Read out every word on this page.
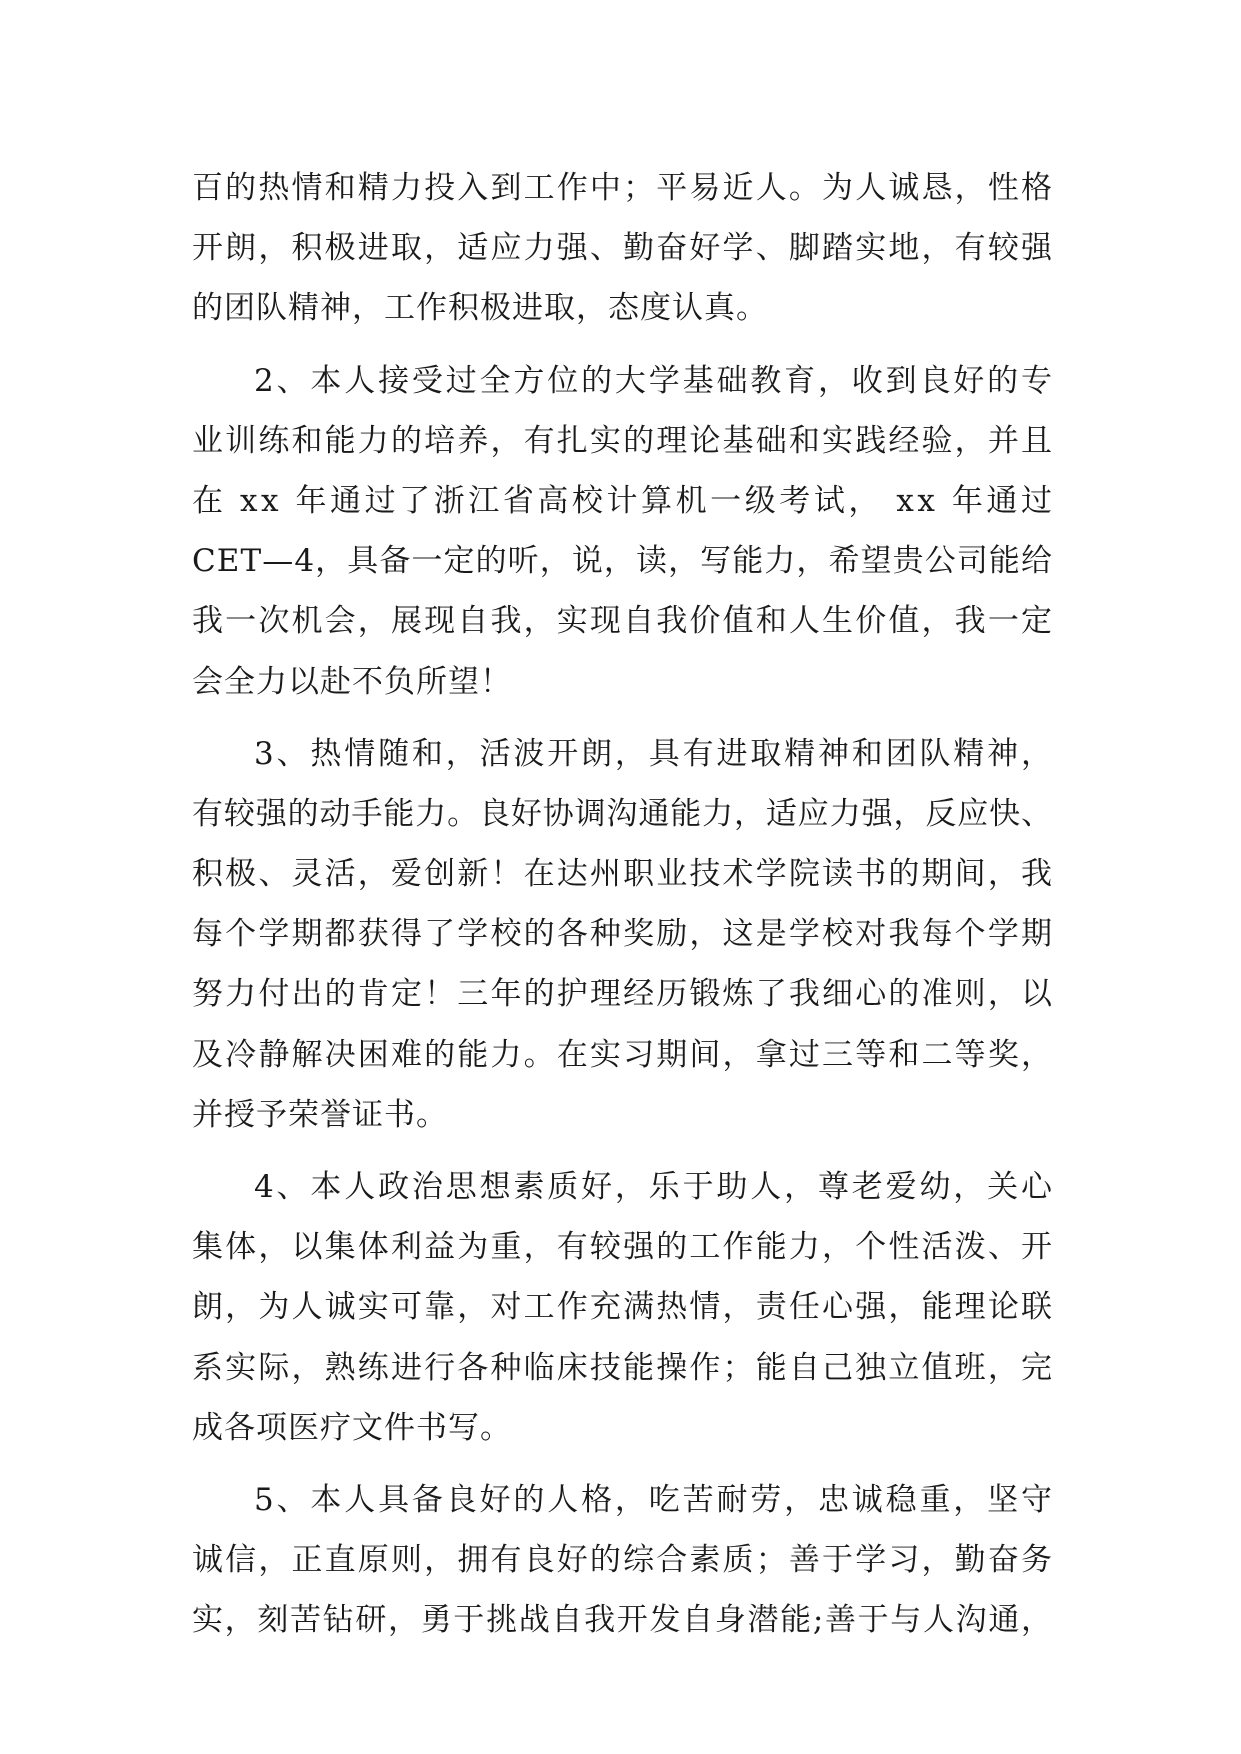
百的热情和精力投入到工作中；平易近人。为人诚恳，性格
开朗，积极进取，适应力强、勤奋好学、脚踏实地，有较强
的团队精神，工作积极进取，态度认真。
2、本人接受过全方位的大学基础教育，收到良好的专
业训练和能力的培养，有扎实的理论基础和实践经验，并且
在 xx 年通过了浙江省高校计算机一级考试， xx 年通过
CET—4，具备一定的听，说，读，写能力，希望贵公司能给
我一次机会，展现自我，实现自我价值和人生价值，我一定
会全力以赴不负所望！
3、热情随和，活波开朗，具有进取精神和团队精神，
有较强的动手能力。良好协调沟通能力，适应力强，反应快、
积极、灵活，爱创新！在达州职业技术学院读书的期间，我
每个学期都获得了学校的各种奖励，这是学校对我每个学期
努力付出的肯定！三年的护理经历锻炼了我细心的准则，以
及冷静解决困难的能力。在实习期间，拿过三等和二等奖，
并授予荣誉证书。
4、本人政治思想素质好，乐于助人，尊老爱幼，关心
集体，以集体利益为重，有较强的工作能力，个性活泼、开
朗，为人诚实可靠，对工作充满热情，责任心强，能理论联
系实际，熟练进行各种临床技能操作；能自己独立值班，完
成各项医疗文件书写。
5、本人具备良好的人格，吃苦耐劳，忠诚稳重，坚守
诚信，正直原则，拥有良好的综合素质；善于学习，勤奋务
实，刻苦钻研，勇于挑战自我开发自身潜能;善于与人沟通，
